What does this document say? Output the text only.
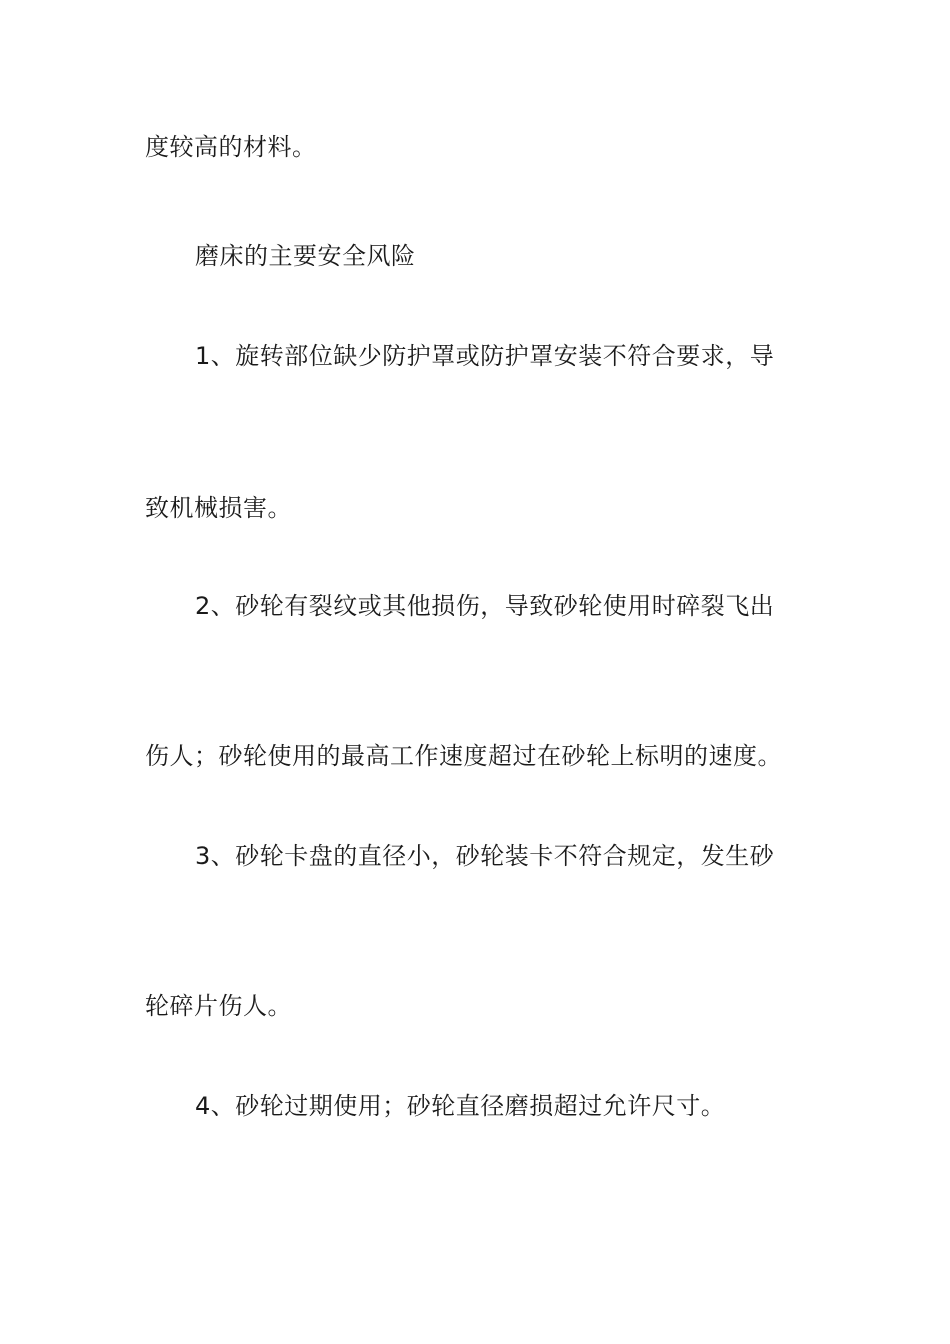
度较高的材料。
磨床的主要安全风险
1、旋转部位缺少防护罩或防护罩安装不符合要求，导
致机械损害。
2、砂轮有裂纹或其他损伤，导致砂轮使用时碎裂飞出
伤人；砂轮使用的最高工作速度超过在砂轮上标明的速度。
3、砂轮卡盘的直径小，砂轮装卡不符合规定，发生砂
轮碎片伤人。
4、砂轮过期使用；砂轮直径磨损超过允许尺寸。
